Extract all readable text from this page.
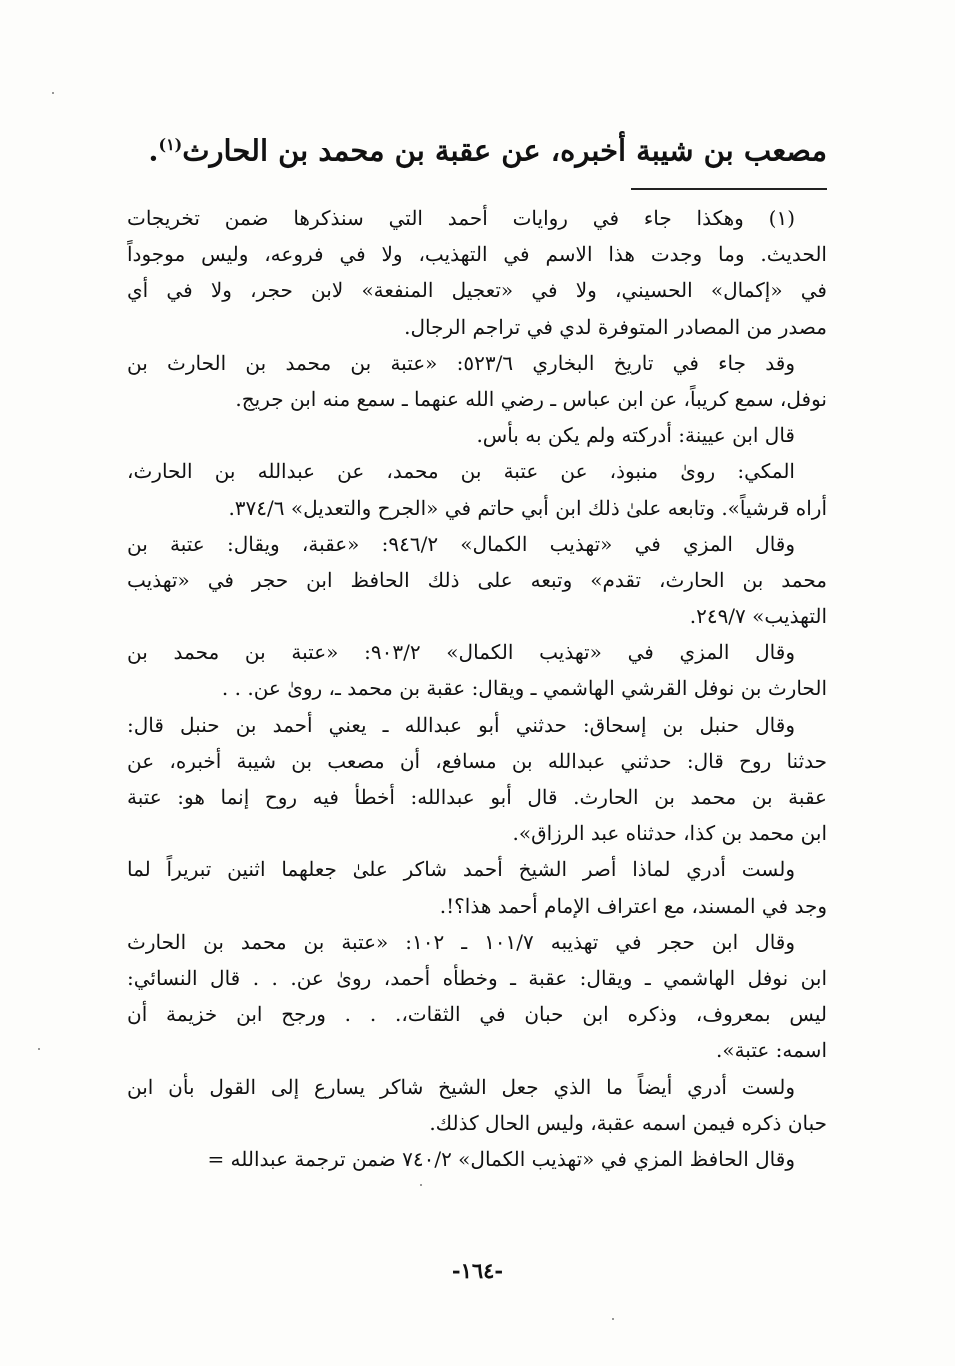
مصعب بن شيبة أخبره، عن عقبة بن محمد بن الحارث$^{(١)}$.
(١) وهكذا جاء في روايات أحمد التي سنذكرها ضمن تخريجات
الحديث. وما وجدت هذا الاسم في التهذيب، ولا في فروعه، وليس موجوداً
في «إكمال» الحسيني، ولا في «تعجيل المنفعة» لابن حجر، ولا في أي
مصدر من المصادر المتوفرة لدي في تراجم الرجال.
وقد جاء في تاريخ البخاري ٥٢٣/٦: «عتبة بن محمد بن الحارث بن
نوفل، سمع كريباً، عن ابن عباس ـ رضي الله عنهما ـ سمع منه ابن جريج.
قال ابن عيينة: أدركته ولم يكن به بأس.
المكي: روىٰ منبوذ، عن عتبة بن محمد، عن عبدالله بن الحارث،
أراه قرشياً». وتابعه علىٰ ذلك ابن أبي حاتم في «الجرح والتعديل» ٣٧٤/٦.
وقال المزي في «تهذيب الكمال» ٩٤٦/٢: «عقبة، ويقال: عتبة بن
محمد بن الحارث، تقدم» وتبعه على ذلك الحافظ ابن حجر في «تهذيب
التهذيب» ٢٤٩/٧.
وقال المزي في «تهذيب الكمال» ٩٠٣/٢: «عتبة بن محمد بن
الحارث بن نوفل القرشي الهاشمي ـ ويقال: عقبة بن محمد ـ، روىٰ عن. . .
وقال حنبل بن إسحاق: حدثني أبو عبدالله ـ يعني أحمد بن حنبل قال:
حدثنا روح قال: حدثني عبدالله بن مسافع، أن مصعب بن شيبة أخبره، عن
عقبة بن محمد بن الحارث. قال أبو عبدالله: أخطأ فيه روح إنما هو: عتبة
ابن محمد بن كذا، حدثناه عبد الرزاق».
ولست أدري لماذا أصر الشيخ أحمد شاكر علىٰ جعلهما اثنين تبريراً لما
وجد في المسند، مع اعتراف الإمام أحمد هذا؟!.
وقال ابن حجر في تهذيبه ١٠١/٧ ـ ١٠٢: «عتبة بن محمد بن الحارث
ابن نوفل الهاشمي ـ ويقال: عقبة ـ وخطأه أحمد، روىٰ عن. . . قال النسائي:
ليس بمعروف، وذكره ابن حبان في الثقات،. . . ورجح ابن خزيمة أن
اسمه: عتبة».
ولست أدري أيضاً ما الذي جعل الشيخ شاكر يسارع إلى القول بأن ابن
حبان ذكره فيمن اسمه عقبة، وليس الحال كذلك.
وقال الحافظ المزي في «تهذيب الكمال» ٧٤٠/٢ ضمن ترجمة عبدالله =
-١٦٤-
